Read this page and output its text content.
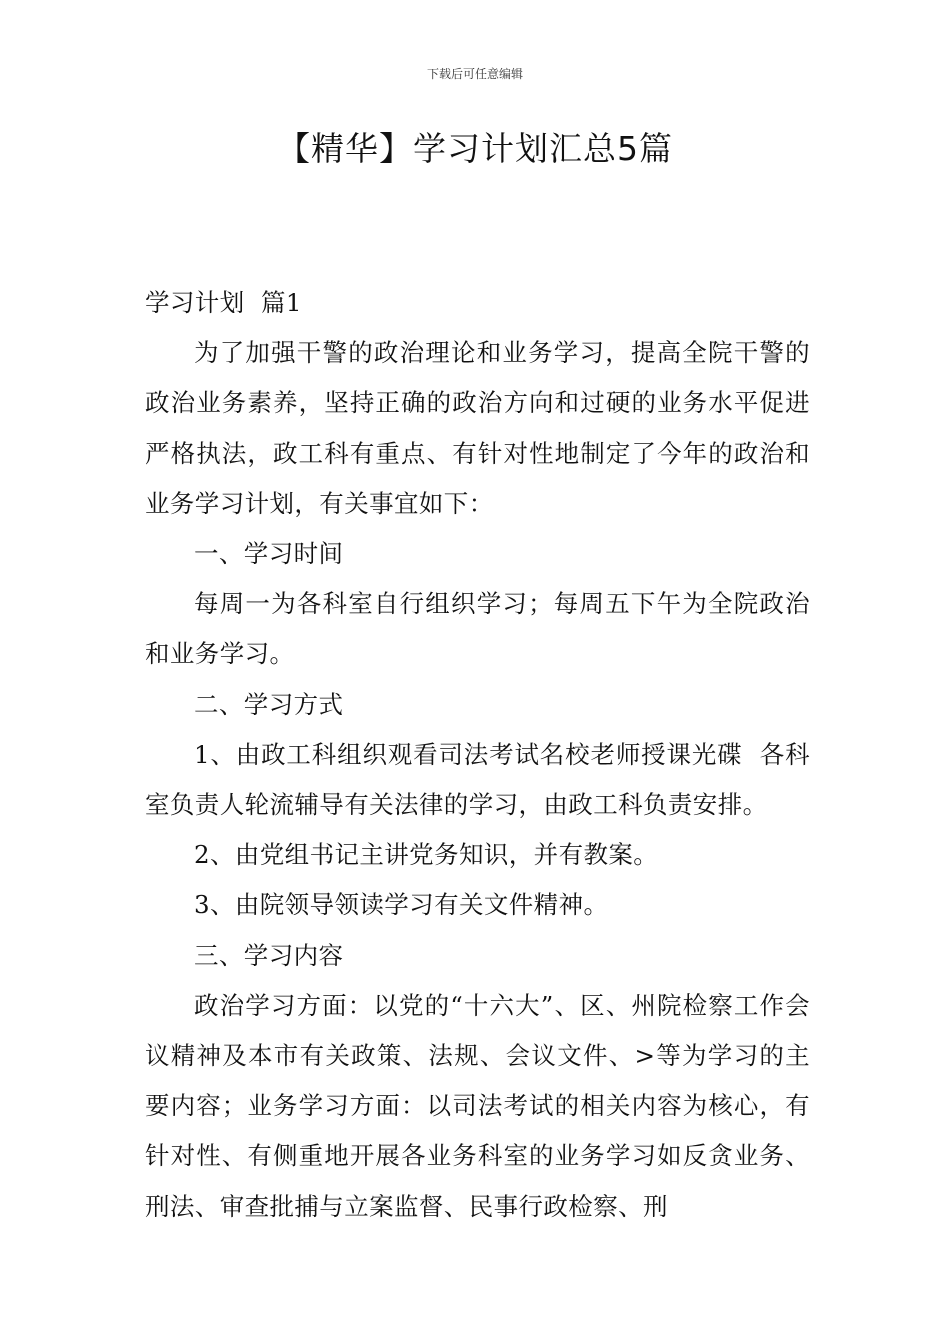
下载后可任意编辑
【精华】学习计划汇总5篇

学习计划  篇1

为了加强干警的政治理论和业务学习，提高全院干警的政治业务素养，坚持正确的政治方向和过硬的业务水平促进严格执法，政工科有重点、有针对性地制定了今年的政治和业务学习计划，有关事宜如下：

一、学习时间

每周一为各科室自行组织学习；每周五下午为全院政治和业务学习。

二、学习方式

1、由政工科组织观看司法考试名校老师授课光碟  各科室负责人轮流辅导有关法律的学习，由政工科负责安排。

2、由党组书记主讲党务知识，并有教案。

3、由院领导领读学习有关文件精神。

三、学习内容

政治学习方面：以党的“十六大”、区、州院检察工作会议精神及本市有关政策、法规、会议文件、>等为学习的主要内容；业务学习方面：以司法考试的相关内容为核心，有针对性、有侧重地开展各业务科室的业务学习如反贪业务、刑法、审查批捕与立案监督、民事行政检察、刑
